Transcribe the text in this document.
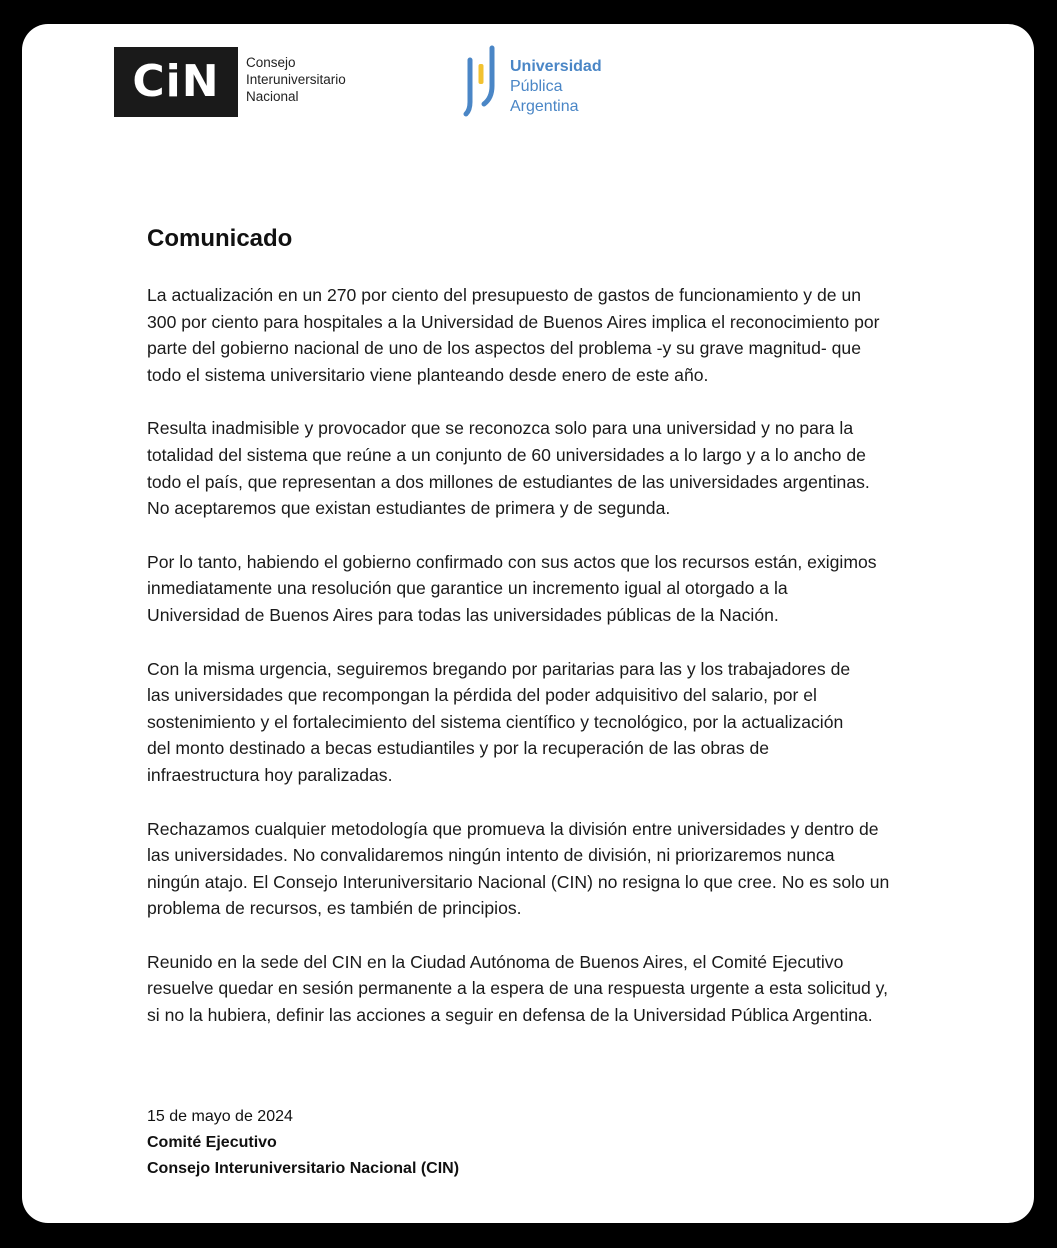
CiN Consejo
Interuniversitario
Nacional
Universidad
Pública
Argentina
Comunicado

La actualización en un 270 por ciento del presupuesto de gastos de funcionamiento y de un
300 por ciento para hospitales a la Universidad de Buenos Aires implica el reconocimiento por
parte del gobierno nacional de uno de los aspectos del problema -y su grave magnitud- que
todo el sistema universitario viene planteando desde enero de este año.

Resulta inadmisible y provocador que se reconozca solo para una universidad y no para la
totalidad del sistema que reúne a un conjunto de 60 universidades a lo largo y a lo ancho de
todo el país, que representan a dos millones de estudiantes de las universidades argentinas.
No aceptaremos que existan estudiantes de primera y de segunda.

Por lo tanto, habiendo el gobierno confirmado con sus actos que los recursos están, exigimos
inmediatamente una resolución que garantice un incremento igual al otorgado a la
Universidad de Buenos Aires para todas las universidades públicas de la Nación.

Con la misma urgencia, seguiremos bregando por paritarias para las y los trabajadores de
las universidades que recompongan la pérdida del poder adquisitivo del salario, por el
sostenimiento y el fortalecimiento del sistema científico y tecnológico, por la actualización
del monto destinado a becas estudiantiles y por la recuperación de las obras de
infraestructura hoy paralizadas.

Rechazamos cualquier metodología que promueva la división entre universidades y dentro de
las universidades. No convalidaremos ningún intento de división, ni priorizaremos nunca
ningún atajo. El Consejo Interuniversitario Nacional (CIN) no resigna lo que cree. No es solo un
problema de recursos, es también de principios.

Reunido en la sede del CIN en la Ciudad Autónoma de Buenos Aires, el Comité Ejecutivo
resuelve quedar en sesión permanente a la espera de una respuesta urgente a esta solicitud y,
si no la hubiera, definir las acciones a seguir en defensa de la Universidad Pública Argentina.

15 de mayo de 2024
Comité Ejecutivo
Consejo Interuniversitario Nacional (CIN)
